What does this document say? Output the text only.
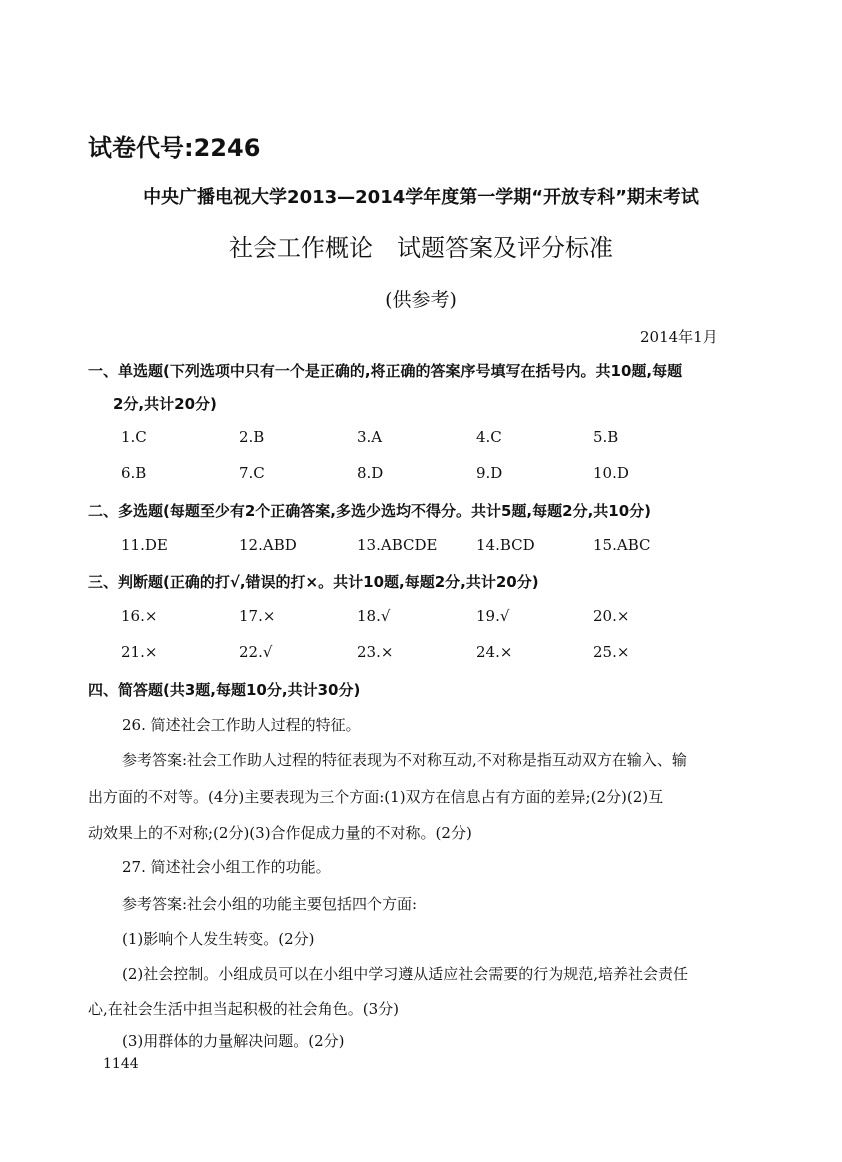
试卷代号:2246
中央广播电视大学2013—2014学年度第一学期“开放专科”期末考试
社会工作概论　试题答案及评分标准
(供参考)
2014年1月
一、单选题(下列选项中只有一个是正确的,将正确的答案序号填写在括号内。共10题,每题
2分,共计20分)
1.C	2.B	3.A	4.C	5.B
6.B	7.C	8.D	9.D	10.D
二、多选题(每题至少有2个正确答案,多选少选均不得分。共计5题,每题2分,共10分)
11.DE	12.ABD	13.ABCDE	14.BCD	15.ABC
三、判断题(正确的打√,错误的打×。共计10题,每题2分,共计20分)
16.×	17.×	18.√	19.√	20.×
21.×	22.√	23.×	24.×	25.×
四、简答题(共3题,每题10分,共计30分)
26. 简述社会工作助人过程的特征。
参考答案:社会工作助人过程的特征表现为不对称互动,不对称是指互动双方在输入、输
出方面的不对等。(4分)主要表现为三个方面:(1)双方在信息占有方面的差异;(2分)(2)互
动效果上的不对称;(2分)(3)合作促成力量的不对称。(2分)
27. 简述社会小组工作的功能。
参考答案:社会小组的功能主要包括四个方面:
(1)影响个人发生转变。(2分)
(2)社会控制。小组成员可以在小组中学习遵从适应社会需要的行为规范,培养社会责任
心,在社会生活中担当起积极的社会角色。(3分)
(3)用群体的力量解决问题。(2分)
1144
